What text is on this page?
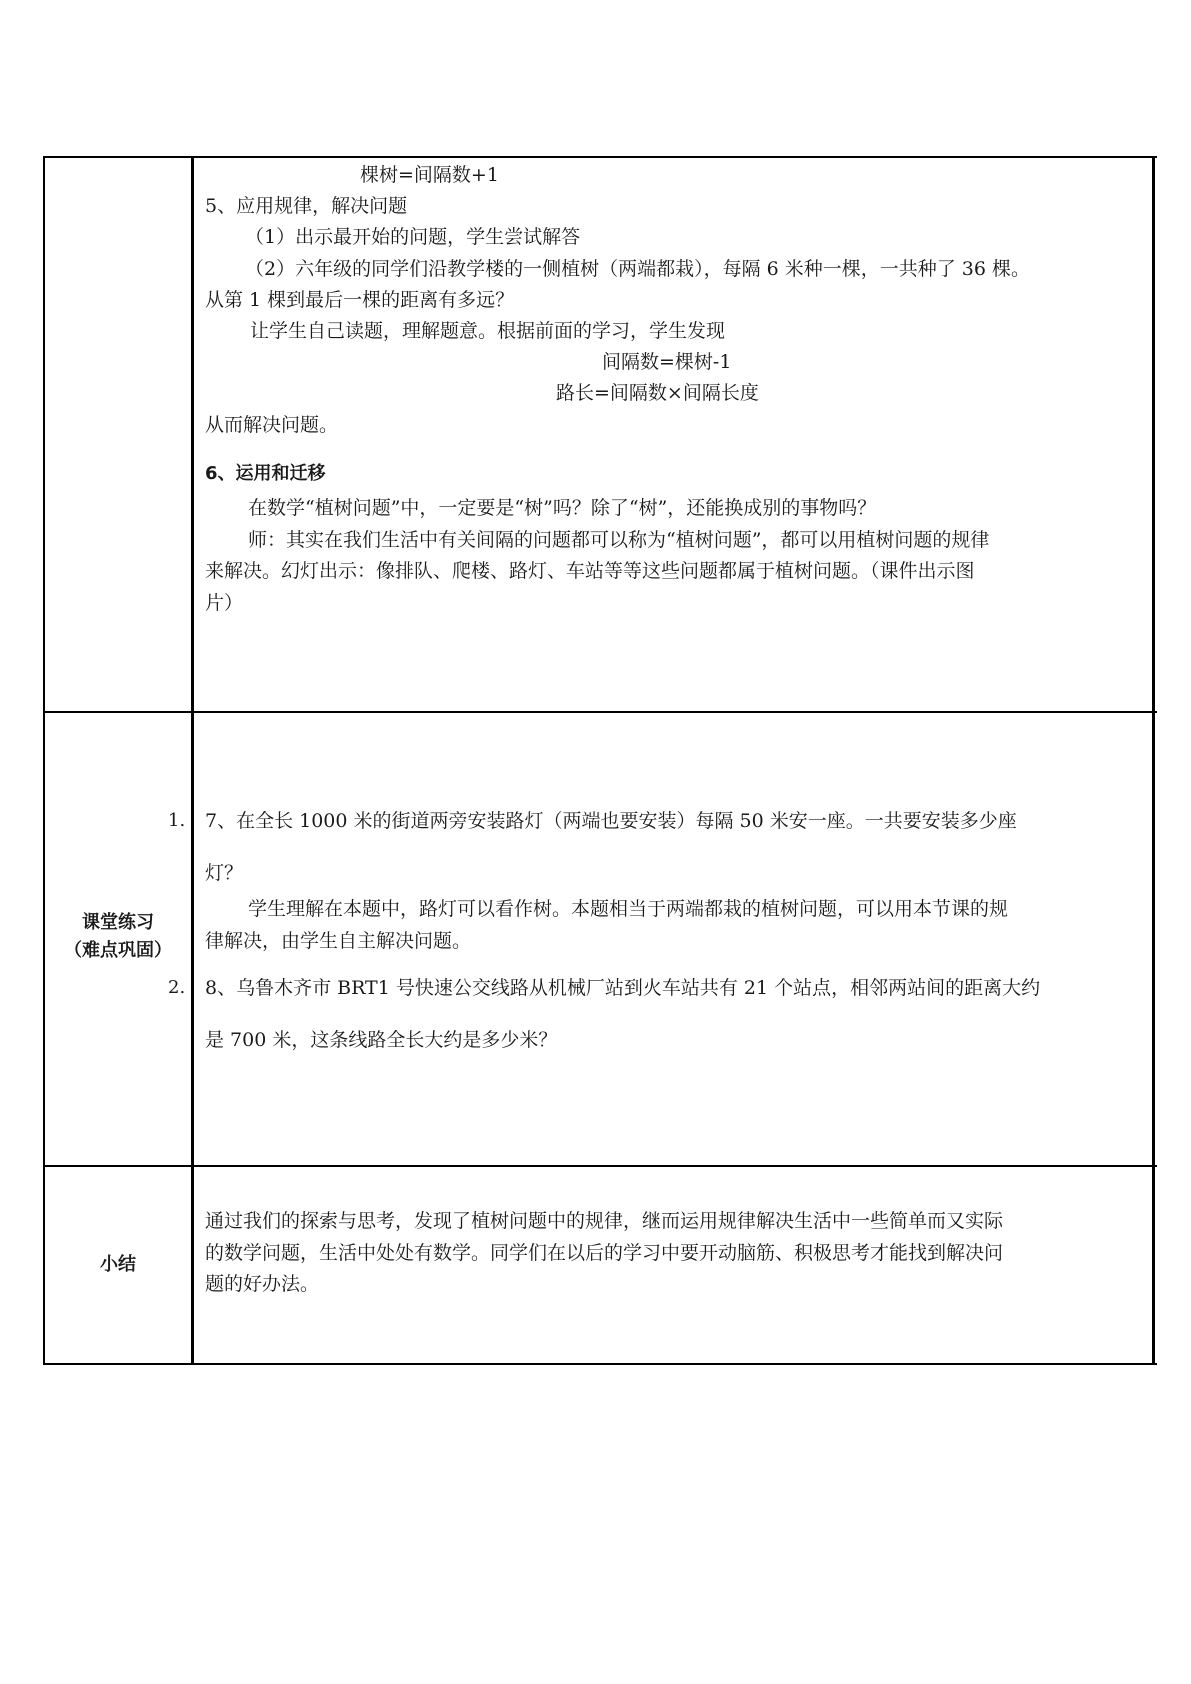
棵树=间隔数+1
5、应用规律，解决问题
（1）出示最开始的问题，学生尝试解答
（2）六年级的同学们沿教学楼的一侧植树（两端都栽），每隔 6 米种一棵，一共种了 36 棵。
从第 1 棵到最后一棵的距离有多远？
让学生自己读题，理解题意。根据前面的学习，学生发现
间隔数=棵树-1
路长=间隔数×间隔长度
从而解决问题。
6、运用和迁移
在数学“植树问题”中，一定要是“树”吗？除了“树”，还能换成别的事物吗？
师：其实在我们生活中有关间隔的问题都可以称为“植树问题”，都可以用植树问题的规律
来解决。幻灯出示：像排队、爬楼、路灯、车站等等这些问题都属于植树问题。（课件出示图
片）
课堂练习
（难点巩固）
1. 7、在全长 1000 米的街道两旁安装路灯（两端也要安装）每隔 50 米安一座。一共要安装多少座
灯？
学生理解在本题中，路灯可以看作树。本题相当于两端都栽的植树问题，可以用本节课的规
律解决，由学生自主解决问题。
2. 8、乌鲁木齐市 BRT1 号快速公交线路从机械厂站到火车站共有 21 个站点，相邻两站间的距离大约
是 700 米，这条线路全长大约是多少米？
小结
通过我们的探索与思考，发现了植树问题中的规律，继而运用规律解决生活中一些简单而又实际
的数学问题，生活中处处有数学。同学们在以后的学习中要开动脑筋、积极思考才能找到解决问
题的好办法。
